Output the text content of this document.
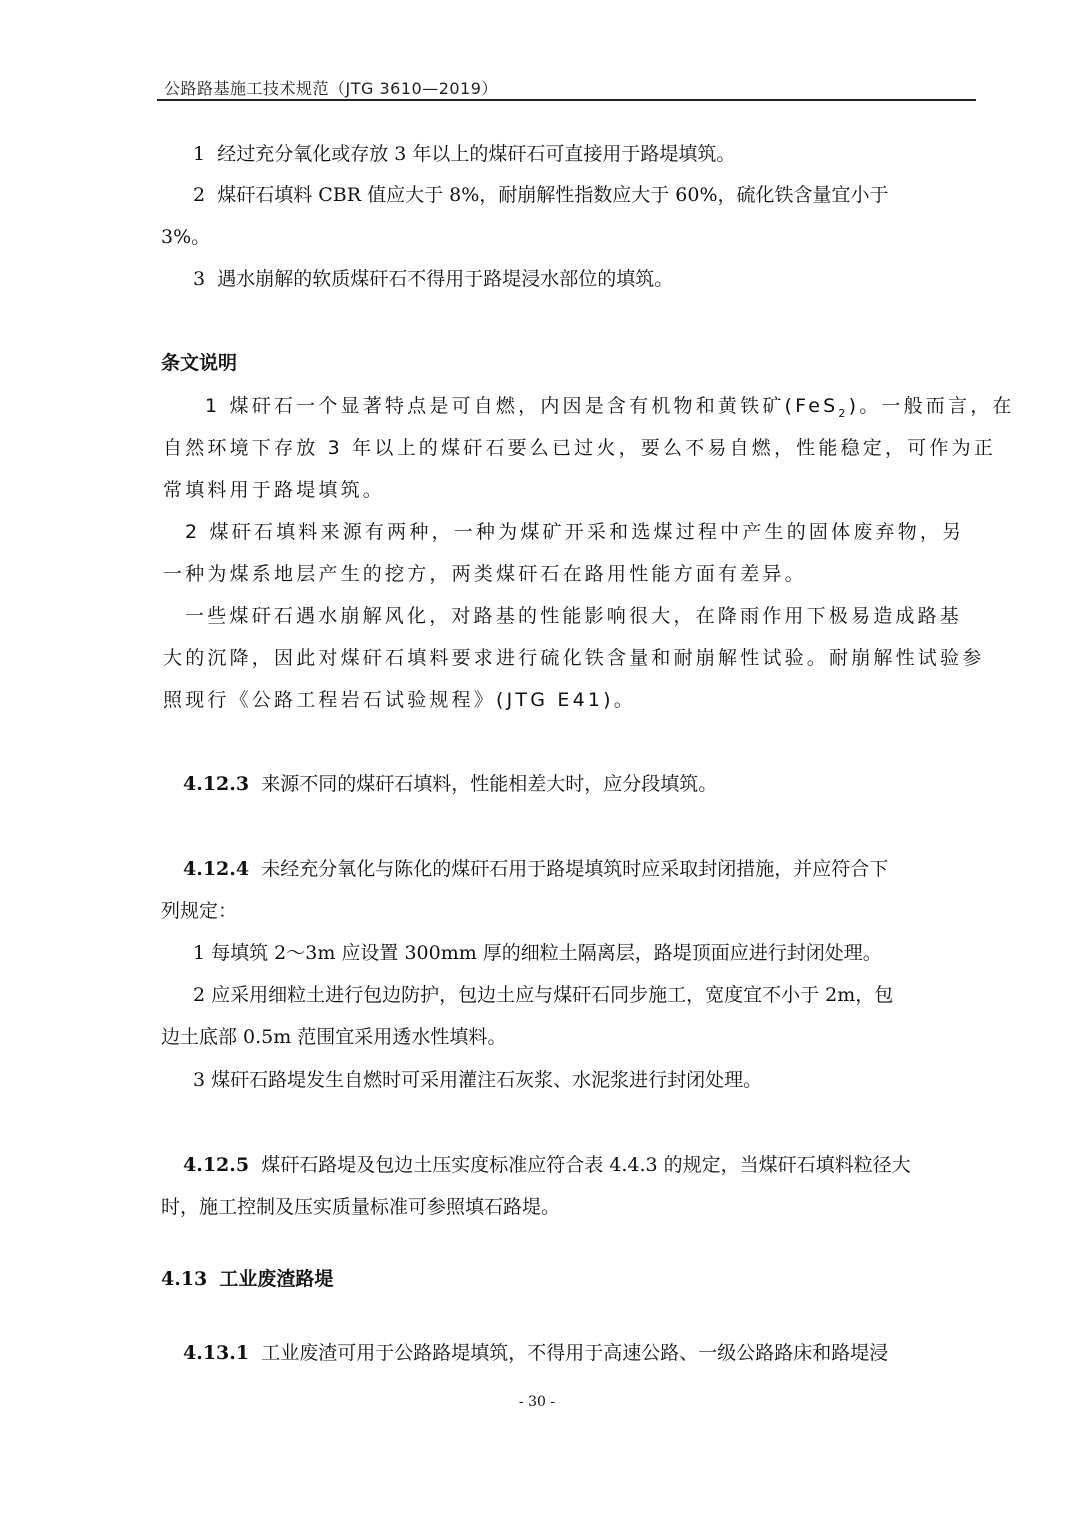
公路路基施工技术规范（JTG 3610—2019）
1 经过充分氧化或存放 3 年以上的煤矸石可直接用于路堤填筑。
2 煤矸石填料 CBR 值应大于 8%，耐崩解性指数应大于 60%，硫化铁含量宜小于
3%。
3 遇水崩解的软质煤矸石不得用于路堤浸水部位的填筑。
条文说明
1 煤矸石一个显著特点是可自燃，内因是含有机物和黄铁矿(FeS$_2$)。一般而言，在
自然环境下存放 3 年以上的煤矸石要么已过火，要么不易自燃，性能稳定，可作为正
常填料用于路堤填筑。
2 煤矸石填料来源有两种，一种为煤矿开采和选煤过程中产生的固体废弃物，另
一种为煤系地层产生的挖方，两类煤矸石在路用性能方面有差异。
一些煤矸石遇水崩解风化，对路基的性能影响很大，在降雨作用下极易造成路基
大的沉降，因此对煤矸石填料要求进行硫化铁含量和耐崩解性试验。耐崩解性试验参
照现行《公路工程岩石试验规程》(JTG E41)。
4.12.3 来源不同的煤矸石填料，性能相差大时，应分段填筑。
4.12.4 未经充分氧化与陈化的煤矸石用于路堤填筑时应采取封闭措施，并应符合下
列规定：
1 每填筑 2～3m 应设置 300mm 厚的细粒土隔离层，路堤顶面应进行封闭处理。
2 应采用细粒土进行包边防护，包边土应与煤矸石同步施工，宽度宜不小于 2m，包
边土底部 0.5m 范围宜采用透水性填料。
3 煤矸石路堤发生自燃时可采用灌注石灰浆、水泥浆进行封闭处理。
4.12.5 煤矸石路堤及包边土压实度标准应符合表 4.4.3 的规定，当煤矸石填料粒径大
时，施工控制及压实质量标准可参照填石路堤。
4.13 工业废渣路堤
4.13.1 工业废渣可用于公路路堤填筑，不得用于高速公路、一级公路路床和路堤浸
- 30 -
